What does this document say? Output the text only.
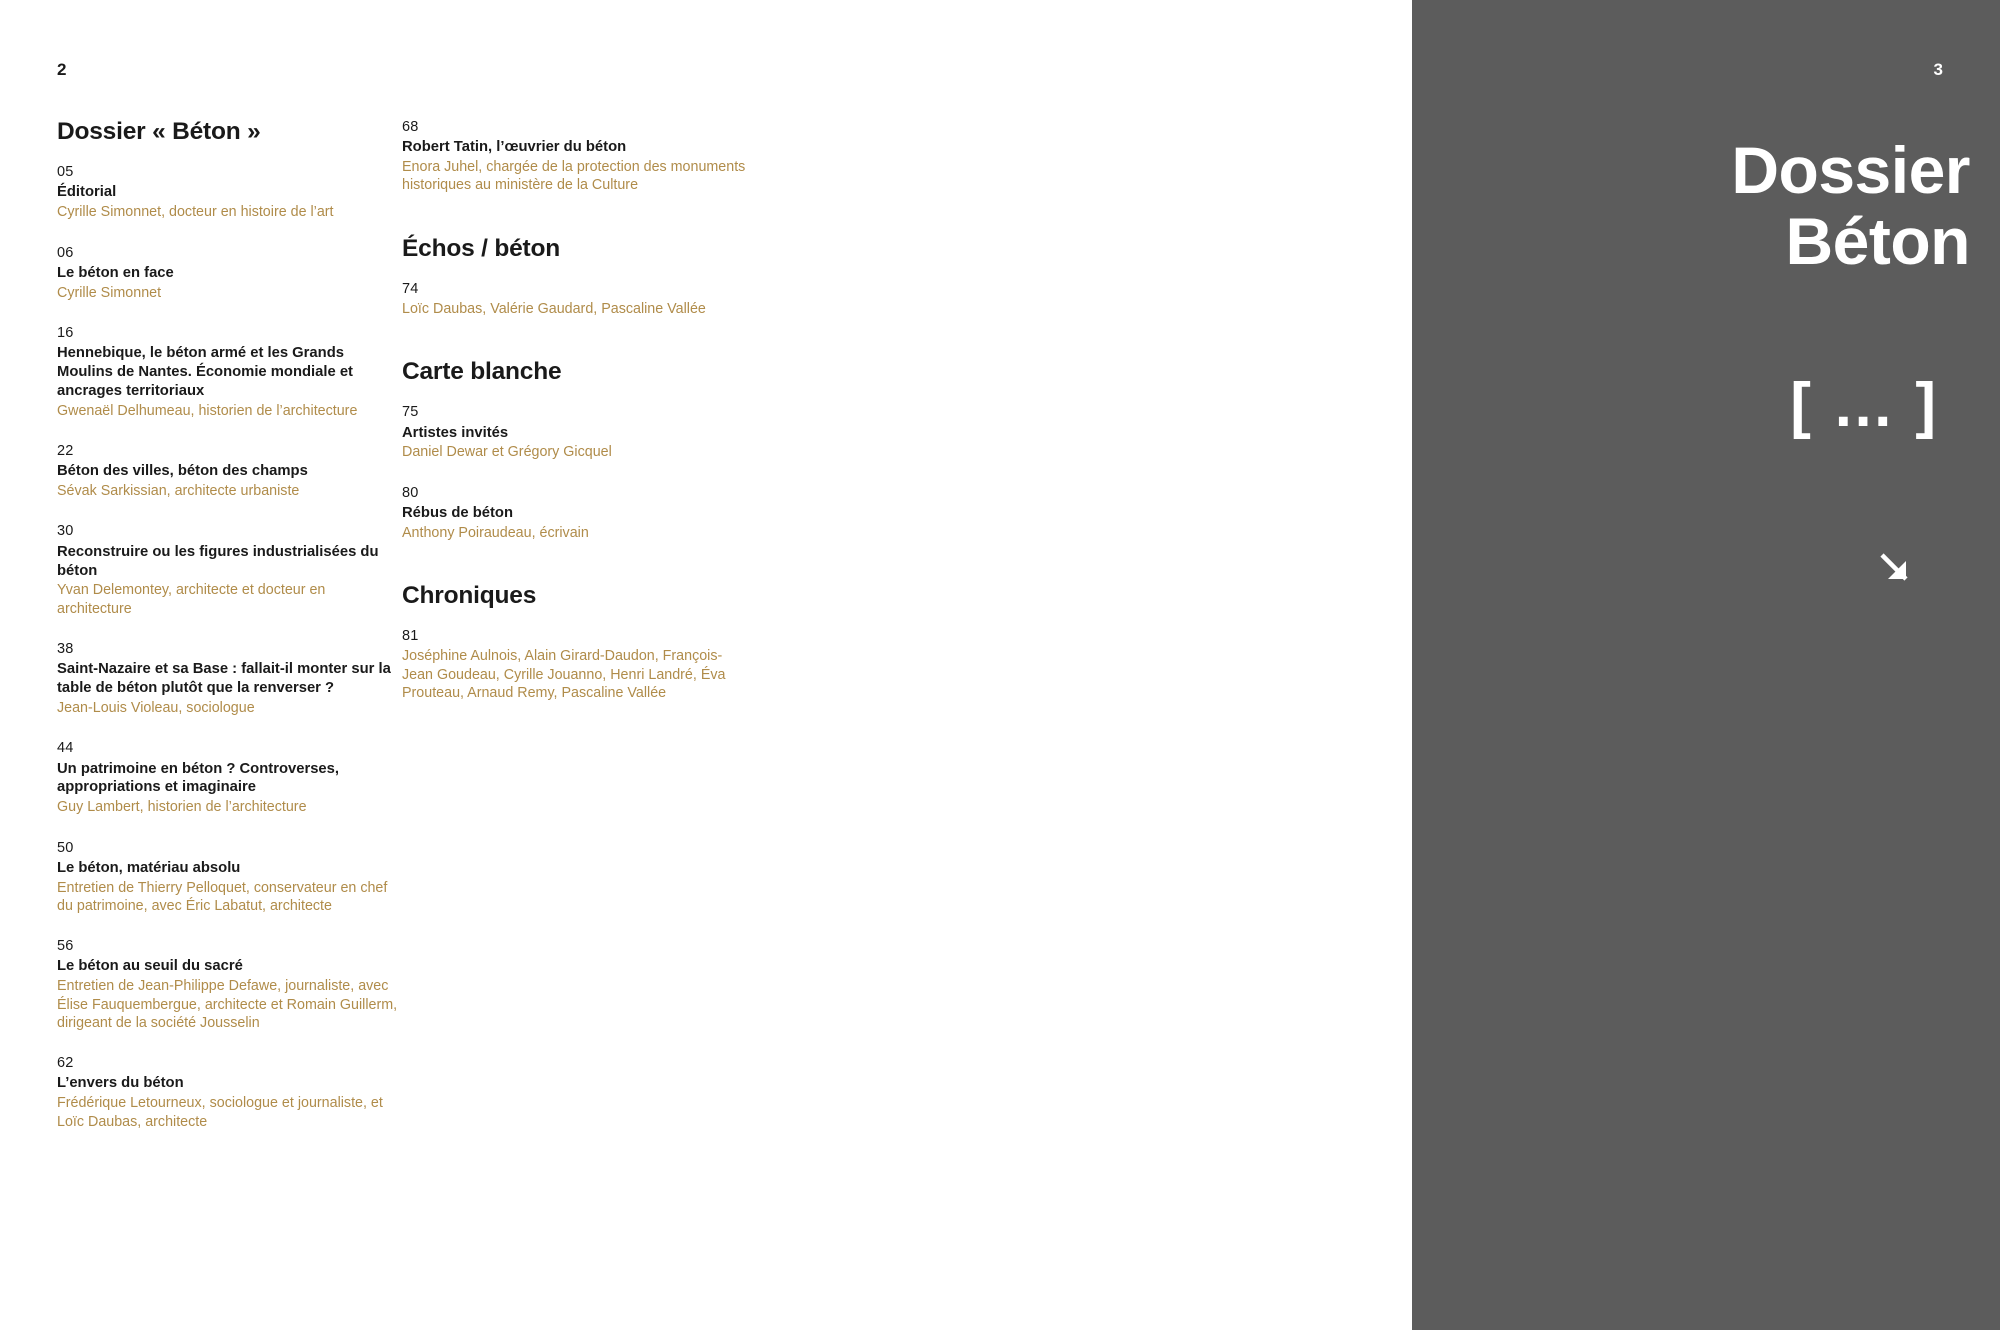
2
Dossier « Béton »
05
Éditorial
Cyrille Simonnet, docteur en histoire de l’art
06
Le béton en face
Cyrille Simonnet
16
Hennebique, le béton armé et les Grands Moulins de Nantes. Économie mondiale et ancrages territoriaux
Gwenaël Delhumeau, historien de l’architecture
22
Béton des villes, béton des champs
Sévak Sarkissian, architecte urbaniste
30
Reconstruire ou les figures industrialisées du béton
Yvan Delemontey, architecte et docteur en architecture
38
Saint-Nazaire et sa Base : fallait-il monter sur la table de béton plutôt que la renverser ?
Jean-Louis Violeau, sociologue
44
Un patrimoine en béton ? Controverses, appropriations et imaginaire
Guy Lambert, historien de l’architecture
50
Le béton, matériau absolu
Entretien de Thierry Pelloquet, conservateur en chef du patrimoine, avec Éric Labatut, architecte
56
Le béton au seuil du sacré
Entretien de Jean-Philippe Defawe, journaliste, avec Élise Fauquembergue, architecte et Romain Guillerm, dirigeant de la société Jousselin
62
L’envers du béton
Frédérique Letourneux, sociologue et journaliste, et Loïc Daubas, architecte
68
Robert Tatin, l’œuvrier du béton
Enora Juhel, chargée de la protection des monuments historiques au ministère de la Culture
Échos / béton
74
Loïc Daubas, Valérie Gaudard, Pascaline Vallée
Carte blanche
75
Artistes invités
Daniel Dewar et Grégory Gicquel
80
Rébus de béton
Anthony Poiraudeau, écrivain
Chroniques
81
Joséphine Aulnois, Alain Girard-Daudon, François-Jean Goudeau, Cyrille Jouanno, Henri Landré, Éva Prouteau, Arnaud Remy, Pascaline Vallée
3
Dossier
Béton
[ … ]
